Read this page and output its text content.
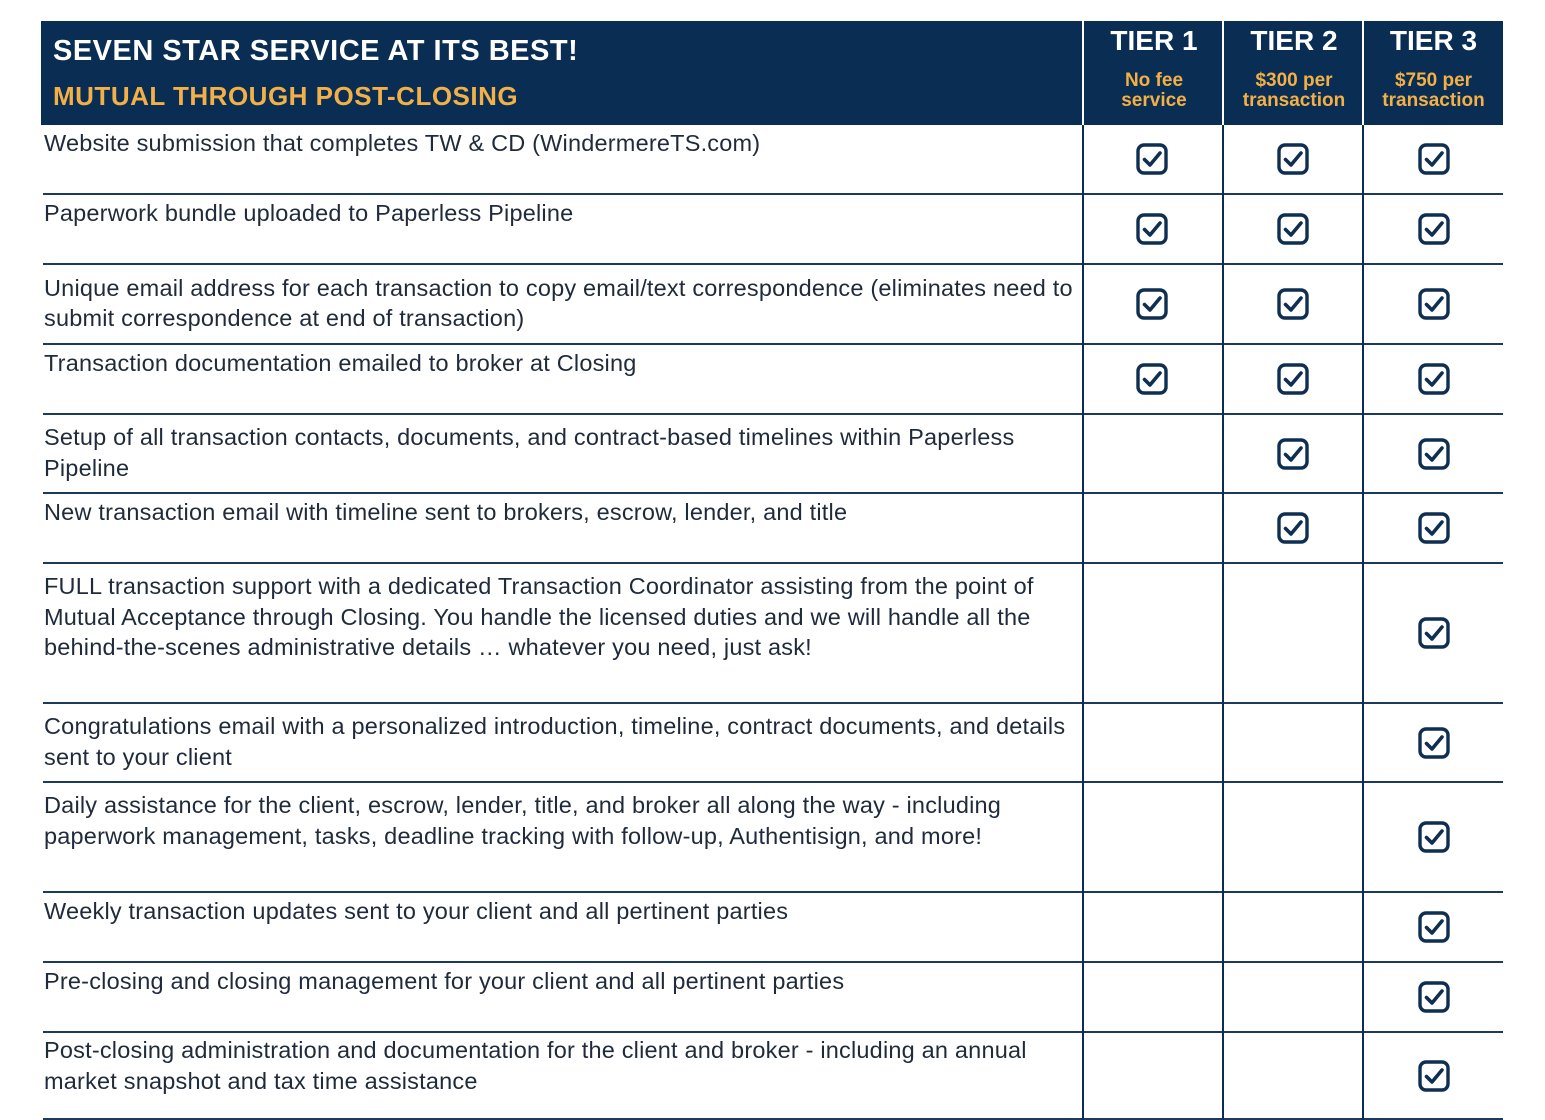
SEVEN STAR SERVICE AT ITS BEST!
MUTUAL THROUGH POST-CLOSING
TIER 1
No fee
service
TIER 2
$300 per
transaction
TIER 3
$750 per
transaction
Website submission that completes TW & CD (WindermereTS.com)
Paperwork bundle uploaded to Paperless Pipeline
Unique email address for each transaction to copy email/text correspondence (eliminates need to submit correspondence at end of transaction)
Transaction documentation emailed to broker at Closing
Setup of all transaction contacts, documents, and contract-based timelines within Paperless Pipeline
New transaction email with timeline sent to brokers, escrow, lender, and title
FULL transaction support with a dedicated Transaction Coordinator assisting from the point of Mutual Acceptance through Closing. You handle the licensed duties and we will handle all the behind-the-scenes administrative details … whatever you need, just ask!
Congratulations email with a personalized introduction, timeline, contract documents, and details sent to your client
Daily assistance for the client, escrow, lender, title, and broker all along the way - including paperwork management, tasks, deadline tracking with follow-up, Authentisign, and more!
Weekly transaction updates sent to your client and all pertinent parties
Pre-closing and closing management for your client and all pertinent parties
Post-closing administration and documentation for the client and broker - including an annual market snapshot and tax time assistance
